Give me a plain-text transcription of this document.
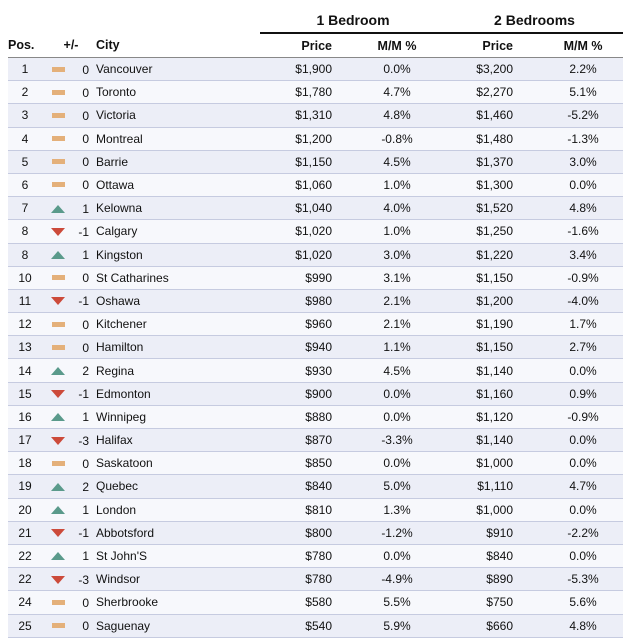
			1 Bedroom		2 Bedrooms	
Pos.	+/-	City	Price	M/M %	Price	M/M %
1	0	Vancouver	$1,900	0.0%	$3,200	2.2%
2	0	Toronto	$1,780	4.7%	$2,270	5.1%
3	0	Victoria	$1,310	4.8%	$1,460	-5.2%
4	0	Montreal	$1,200	-0.8%	$1,480	-1.3%
5	0	Barrie	$1,150	4.5%	$1,370	3.0%
6	0	Ottawa	$1,060	1.0%	$1,300	0.0%
7	1	Kelowna	$1,040	4.0%	$1,520	4.8%
8	-1	Calgary	$1,020	1.0%	$1,250	-1.6%
8	1	Kingston	$1,020	3.0%	$1,220	3.4%
10	0	St Catharines	$990	3.1%	$1,150	-0.9%
11	-1	Oshawa	$980	2.1%	$1,200	-4.0%
12	0	Kitchener	$960	2.1%	$1,190	1.7%
13	0	Hamilton	$940	1.1%	$1,150	2.7%
14	2	Regina	$930	4.5%	$1,140	0.0%
15	-1	Edmonton	$900	0.0%	$1,160	0.9%
16	1	Winnipeg	$880	0.0%	$1,120	-0.9%
17	-3	Halifax	$870	-3.3%	$1,140	0.0%
18	0	Saskatoon	$850	0.0%	$1,000	0.0%
19	2	Quebec	$840	5.0%	$1,110	4.7%
20	1	London	$810	1.3%	$1,000	0.0%
21	-1	Abbotsford	$800	-1.2%	$910	-2.2%
22	1	St John'S	$780	0.0%	$840	0.0%
22	-3	Windsor	$780	-4.9%	$890	-5.3%
24	0	Sherbrooke	$580	5.5%	$750	5.6%
25	0	Saguenay	$540	5.9%	$660	4.8%
